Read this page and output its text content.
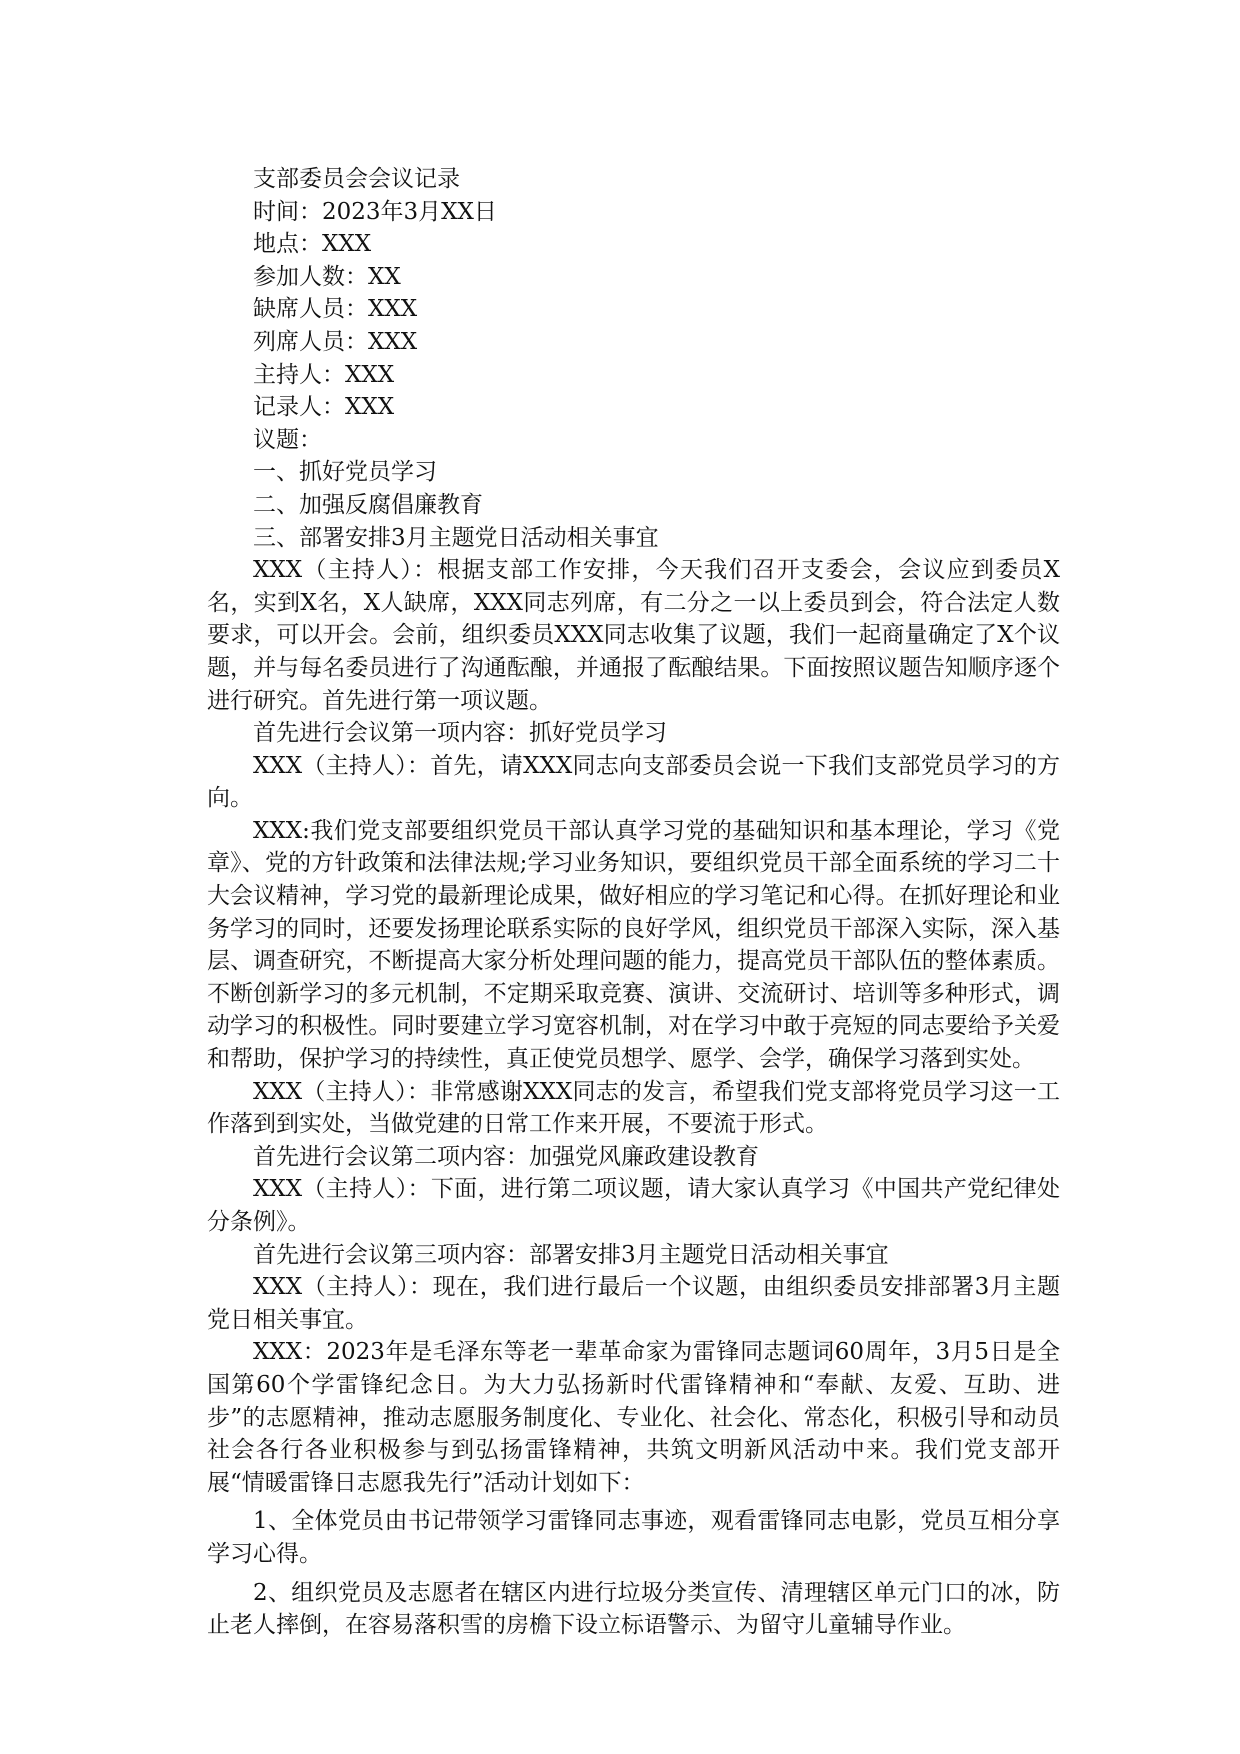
支部委员会会议记录

时间：2023年3月XX日

地点：XXX

参加人数：XX

缺席人员：XXX

列席人员：XXX

主持人：XXX

记录人：XXX

议题：

一、抓好党员学习

二、加强反腐倡廉教育

三、部署安排3月主题党日活动相关事宜

XXX（主持人）：根据支部工作安排，今天我们召开支委会，会议应到委员X名，实到X名，X人缺席，XXX同志列席，有二分之一以上委员到会，符合法定人数要求，可以开会。会前，组织委员XXX同志收集了议题，我们一起商量确定了X个议题，并与每名委员进行了沟通酝酿，并通报了酝酿结果。下面按照议题告知顺序逐个进行研究。首先进行第一项议题。

首先进行会议第一项内容：抓好党员学习

XXX（主持人）：首先，请XXX同志向支部委员会说一下我们支部党员学习的方向。

XXX:我们党支部要组织党员干部认真学习党的基础知识和基本理论，学习《党章》、党的方针政策和法律法规;学习业务知识，要组织党员干部全面系统的学习二十大会议精神，学习党的最新理论成果，做好相应的学习笔记和心得。在抓好理论和业务学习的同时，还要发扬理论联系实际的良好学风，组织党员干部深入实际，深入基层、调查研究，不断提高大家分析处理问题的能力，提高党员干部队伍的整体素质。不断创新学习的多元机制，不定期采取竞赛、演讲、交流研讨、培训等多种形式，调动学习的积极性。同时要建立学习宽容机制，对在学习中敢于亮短的同志要给予关爱和帮助，保护学习的持续性，真正使党员想学、愿学、会学，确保学习落到实处。

XXX（主持人）：非常感谢XXX同志的发言，希望我们党支部将党员学习这一工作落到到实处，当做党建的日常工作来开展，不要流于形式。

首先进行会议第二项内容：加强党风廉政建设教育

XXX（主持人）：下面，进行第二项议题，请大家认真学习《中国共产党纪律处分条例》。

首先进行会议第三项内容：部署安排3月主题党日活动相关事宜

XXX（主持人）：现在，我们进行最后一个议题，由组织委员安排部署3月主题党日相关事宜。

XXX：2023年是毛泽东等老一辈革命家为雷锋同志题词60周年，3月5日是全国第60个学雷锋纪念日。为大力弘扬新时代雷锋精神和“奉献、友爱、互助、进步”的志愿精神，推动志愿服务制度化、专业化、社会化、常态化，积极引导和动员社会各行各业积极参与到弘扬雷锋精神，共筑文明新风活动中来。我们党支部开展“情暖雷锋日志愿我先行”活动计划如下：

1、全体党员由书记带领学习雷锋同志事迹，观看雷锋同志电影，党员互相分享学习心得。

2、组织党员及志愿者在辖区内进行垃圾分类宣传、清理辖区单元门口的冰，防止老人摔倒，在容易落积雪的房檐下设立标语警示、为留守儿童辅导作业。
